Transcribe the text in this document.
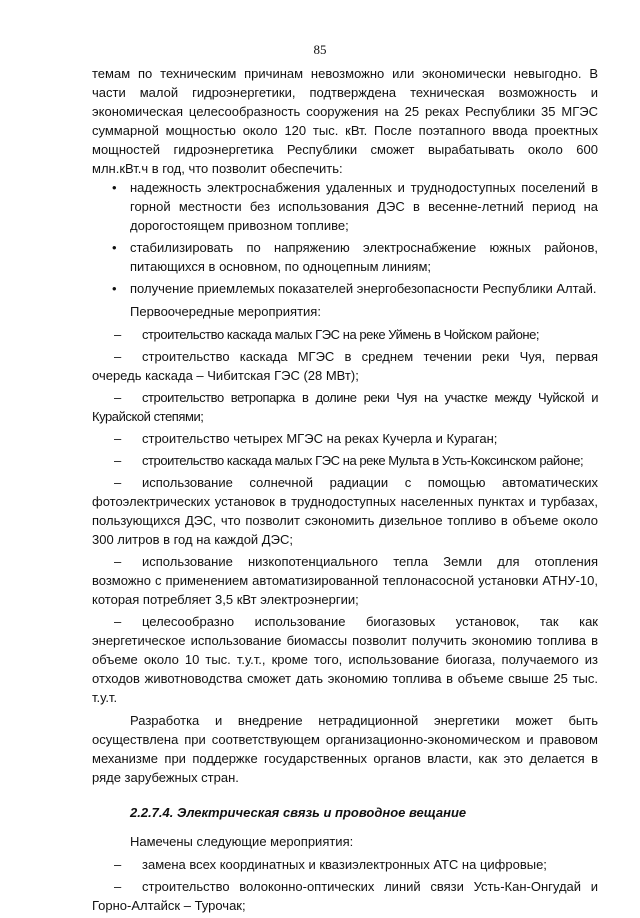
85

темам по техническим причинам невозможно или экономически невыгодно. В части малой гидроэнергетики, подтверждена техническая возможность и экономическая целесообразность сооружения на 25 реках Республики 35 МГЭС суммарной мощностью около 120 тыс. кВт. После поэтапного ввода проектных мощностей гидроэнергетика Республики сможет вырабатывать около 600 млн.кВт.ч в год, что позволит обеспечить:

• надежность электроснабжения удаленных и труднодоступных поселений в горной местности без использования ДЭС в весенне-летний период на дорогостоящем привозном топливе;
• стабилизировать по напряжению электроснабжение южных районов, питающихся в основном, по одноцепным линиям;
• получение приемлемых показателей энергобезопасности Республики Алтай.

Первоочередные мероприятия:

– строительство каскада малых ГЭС на реке Уймень в Чойском районе;
– строительство каскада МГЭС в среднем течении реки Чуя, первая очередь каскада – Чибитская ГЭС (28 МВт);
– строительство ветропарка в долине реки Чуя на участке между Чуйской и Курайской степями;
– строительство четырех МГЭС на реках Кучерла и Кураган;
– строительство каскада малых ГЭС на реке Мульта в Усть-Коксинском районе;
– использование солнечной радиации с помощью автоматических фотоэлектрических установок в труднодоступных населенных пунктах и турбазах, пользующихся ДЭС, что позволит сэкономить дизельное топливо в объеме около 300 литров в год на каждой ДЭС;
– использование низкопотенциального тепла Земли для отопления возможно с применением автоматизированной теплонасосной установки АТНУ-10, которая потребляет 3,5 кВт электроэнергии;
– целесообразно использование биогазовых установок, так как энергетическое использование биомассы позволит получить экономию топлива в объеме около 10 тыс. т.у.т., кроме того, использование биогаза, получаемого из отходов животноводства сможет дать экономию топлива в объеме свыше 25 тыс. т.у.т.

Разработка и внедрение нетрадиционной энергетики может быть осуществлена при соответствующем организационно-экономическом и правовом механизме при поддержке государственных органов власти, как это делается в ряде зарубежных стран.

2.2.7.4. Электрическая связь и проводное вещание

Намечены следующие мероприятия:

– замена всех координатных и квазиэлектронных АТС на цифровые;
– строительство волоконно-оптических линий связи Усть-Кан-Онгудай и Горно-Алтайск – Турочак;
